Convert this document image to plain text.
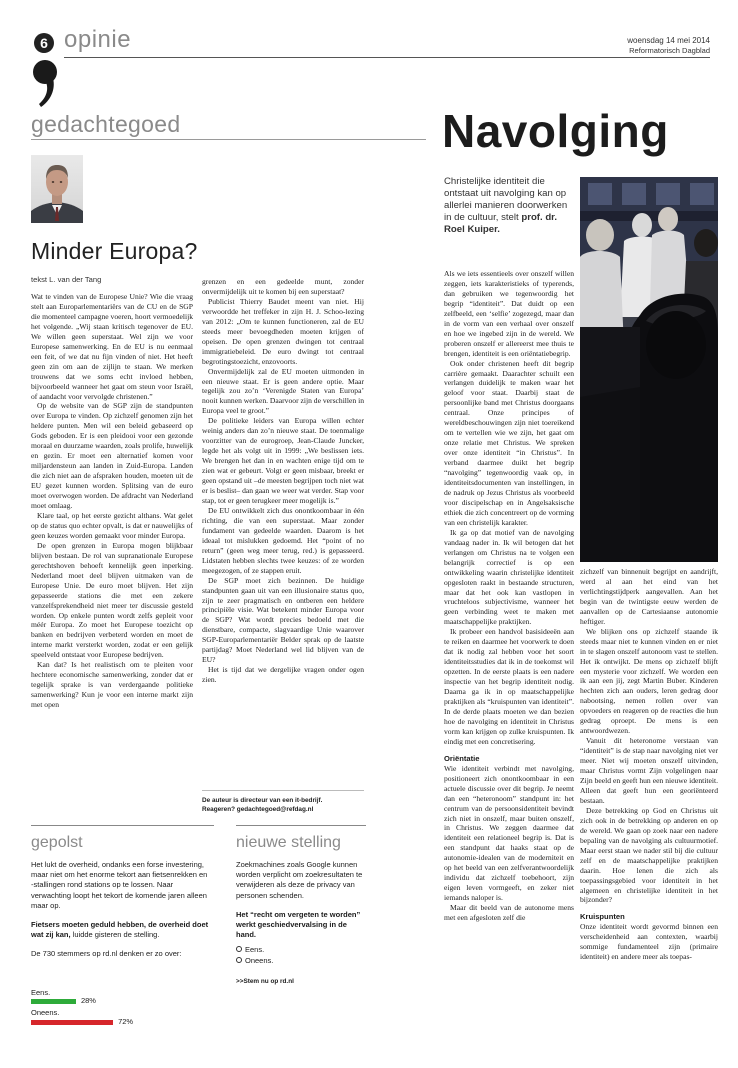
6 opinie	woensdag 14 mei 2014
Reformatorisch Dagblad
gedachtegoed
Minder Europa?
tekst L. van der Tang

Wat te vinden van de Europese Unie? Wie die vraag stelt aan Europarlementariërs van de CU en de SGP die momenteel campagne voeren, hoort vermoedelijk het volgende. „Wij staan kritisch tegenover de EU. We willen geen superstaat. Wel zijn we voor Europese samenwerking. En de EU is nu eenmaal een feit, of we dat nu fijn vinden of niet. Het heeft geen zin om aan de zijlijn te staan. We merken trouwens dat we soms echt invloed hebben, bijvoorbeeld wanneer het gaat om steun voor Israël, of aandacht voor vervolgde christenen.”

Op de website van de SGP zijn de standpunten over Europa te vinden. Op zichzelf genomen zijn het heldere punten. Men wil een beleid gebaseerd op Gods geboden. Er is een pleidooi voor een gezonde moraal en duurzame waarden, zoals prolife, huwelijk en gezin. Er moet een alternatief komen voor miljardensteun aan landen in Zuid-Europa. Landen die zich niet aan de afspraken houden, moeten uit de EU gezet kunnen worden. Splitsing van de euro moet overwogen worden. De afdracht van Nederland moet omlaag.

Klare taal, op het eerste gezicht althans. Wat gelet op de status quo echter opvalt, is dat er nauwelijks of geen keuzes worden gemaakt voor minder Europa.

De open grenzen in Europa mogen blijkbaar blijven bestaan. De rol van supranationale Europese gerechtshoven behoeft kennelijk geen inperking. Nederland moet deel blijven uitmaken van de Europese Unie. De euro moet blijven. Het zijn gepasseerde stations die met een zekere vanzelfsprekendheid niet meer ter discussie gesteld worden. Op enkele punten wordt zelfs gepleit voor méér Europa. Zo moet het Europese toezicht op banken en bedrijven verbeterd worden en moet de interne markt versterkt worden, zodat er een gelijk speelveld ontstaat voor Europese bedrijven.

Kan dat? Is het realistisch om te pleiten voor hechtere economische samenwerking, zonder dat er tegelijk sprake is van verdergaande politieke samenwerking? Kun je voor een interne markt zijn met open

grenzen en een gedeelde munt, zonder onvermijdelijk uit te komen bij een superstaat?

Publicist Thierry Baudet meent van niet. Hij verwoordde het treffeker in zijn H. J. Schoo-lezing van 2012: „Om te kunnen functioneren, zal de EU steeds meer bevoegdheden moeten krijgen of opeisen. De open grenzen dwingen tot centraal immigratiebeleid. De euro dwingt tot centraal begrotingstoezicht, enzovoorts.

Onvermijdelijk zal de EU moeten uitmonden in een nieuwe staat. Er is geen andere optie. Maar tegelijk zou zo’n ‘Verenigde Staten van Europa’ nooit kunnen werken. Daarvoor zijn de verschillen in Europa veel te groot.”

De politieke leiders van Europa willen echter weinig anders dan zo’n nieuwe staat. De toenmalige voorzitter van de eurogroep, Jean-Claude Juncker, legde het als volgt uit in 1999: „We beslissen iets. We brengen het dan in en wachten enige tijd om te zien wat er gebeurt. Volgt er geen misbaar, breekt er geen opstand uit –de meesten begrijpen toch niet wat er is beslist– dan gaan we weer wat verder. Stap voor stap, tot er geen terugkeer meer mogelijk is.”

De EU ontwikkelt zich dus onontkoombaar in één richting, die van een superstaat. Maar zonder fundament van gedeelde waarden. Daarom is het ideaal tot mislukken gedoemd. Het “point of no return” (geen weg meer terug, red.) is gepasseerd. Lidstaten hebben slechts twee keuzes: of ze worden meegezogen, of ze stappen eruit.

De SGP moet zich bezinnen. De huidige standpunten gaan uit van een illusionaire status quo, zijn te zeer pragmatisch en ontberen een heldere principiële visie. Wat betekent minder Europa voor de SGP? Wat wordt precies bedoeld met die dienstbare, compacte, slagvaardige Unie waarover SGP-Europarlementariër Belder sprak op de laatste partijdag? Moet Nederland wel lid blijven van de EU?

Het is tijd dat we dergelijke vragen onder ogen zien.

De auteur is directeur van een it-bedrijf.
Reageren? gedachtegoed@refdag.nl
gepolst
Het lukt de overheid, ondanks een forse investering, maar niet om het enorme tekort aan fietsenrekken en -stallingen rond stations op te lossen. Naar verwachting loopt het tekort de komende jaren alleen maar op.
Fietsers moeten geduld hebben, de overheid doet wat zij kan, luidde gisteren de stelling.
De 730 stemmers op rd.nl denken er zo over:
Eens.
28%
Oneens.
72%
nieuwe stelling
Zoekmachines zoals Google kunnen worden verplicht om zoekresultaten te verwijderen als deze de privacy van personen schenden.
Het “recht om vergeten te worden” werkt geschiedvervalsing in de hand.
Eens.
Oneens.
>>Stem nu op rd.nl
Navolging
Christelijke identiteit die ontstaat uit navolging kan op allerlei manieren doorwerken in de cultuur, stelt prof. dr. Roel Kuiper.

Als we iets essentieels over onszelf willen zeggen, iets karakteristieks of typerends, dan gebruiken we tegenwoordig het begrip “identiteit”. Dat duidt op een zelfbeeld, een ‘selfie’ zogezegd, maar dan in de vorm van een verhaal over onszelf en hoe we ingebed zijn in de wereld. We proberen onszelf er allereerst mee thuis te brengen, identiteit is een oriëntatiebegrip.

Ook onder christenen heeft dit begrip carrière gemaakt. Daarachter schuilt een verlangen duidelijk te maken waar het geloof voor staat. Daarbij staat de persoonlijke band met Christus doorgaans centraal. Onze principes of wereldbeschouwingen zijn niet toereikend om te vertellen wie we zijn, het gaat om onze relatie met Christus. We spreken over onze identiteit “in Christus”. In verband daarmee duikt het begrip “navolging” tegenwoordig vaak op, in identiteitsdocumenten van instellingen, in de nadruk op Jezus Christus als voorbeeld voor discipelschap en in Angelsaksische ethiek die zich concentreert op de vorming van een christelijk karakter.

Ik ga op dat motief van de navolging vandaag nader in. Ik wil betogen dat het verlangen om Christus na te volgen een belangrijk correctief is op een ontwikkeling waarin christelijke identiteit opgesloten raakt in bestaande structuren, maar dat het ook kan vastlopen in vruchteloos subjectivisme, wanneer het geen verbinding weet te maken met maatschappelijke praktijken.

Ik probeer een handvol basisideeën aan te reiken en daarmee het voorwerk te doen dat ik nodig zal hebben voor het soort identiteitsstudies dat ik in de toekomst wil opzetten. In de eerste plaats is een nadere inspectie van het begrip identiteit nodig. Daarna ga ik in op maatschappelijke praktijken als “kruispunten van identiteit”. In de derde plaats moeten we dan bezien hoe de navolging en identiteit in Christus vorm kan krijgen op zulke kruispunten. Ik eindig met een concretisering.

Oriëntatie

Wie identiteit verbindt met navolging, positioneert zich onontkoombaar in een actuele discussie over dit begrip. Je neemt dan een “heteronoom” standpunt in: het centrum van de persoonsidentiteit bevindt zich niet in onszelf, maar buiten onszelf, in Christus. We zeggen daarmee dat identiteit een relationeel begrip is. Dat is een standpunt dat haaks staat op de autonomie-idealen van de moderniteit en op het beeld van een zelfverantwoordelijk individu dat zichzelf toebehoort, zijn eigen leven vormgeeft, en zeker niet iemands naloper is.

Maar dit beeld van de autonome mens met een afgesloten zelf die

zichzelf van binnenuit begrijpt en aandrijft, werd al aan het eind van het verlichtingstijdperk aangevallen. Aan het begin van de twintigste eeuw werden de aanvallen op de Cartesiaanse autonomie heftiger.

We blijken ons op zichzelf staande ik steeds maar niet te kunnen vinden en er niet in te slagen onszelf autonoom vast te stellen. Het ik ontwijkt. De mens op zichzelf blijft een mysterie voor zichzelf. We worden een ik aan een jij, zegt Martin Buber. Kinderen hechten zich aan ouders, leren gedrag door nabootsing, nemen rollen over van opvoeders en reageren op de reacties die hun gedrag oproept. De mens is een antwoordwezen.

Vanuit dit heteronome verstaan van “identiteit” is de stap naar navolging niet ver meer. Niet wij moeten onszelf uitvinden, maar Christus vormt Zijn volgelingen naar Zijn beeld en geeft hun een nieuwe identiteit. Alleen dat geeft hun een georiënteerd bestaan.

Deze betrekking op God en Christus uit zich ook in de betrekking op anderen en op de wereld. We gaan op zoek naar een nadere bepaling van de navolging als cultuurmotief. Maar eerst staan we nader stil bij die cultuur zelf en de maatschappelijke praktijken daarin. Hoe lenen die zich als toepassingsgebied voor identiteit in het algemeen en christelijke identiteit in het bijzonder?

Kruispunten

Onze identiteit wordt gevormd binnen een verscheidenheid aan contexten, waarbij sommige fundamenteel zijn (primaire identiteit) en andere meer als toepas-
